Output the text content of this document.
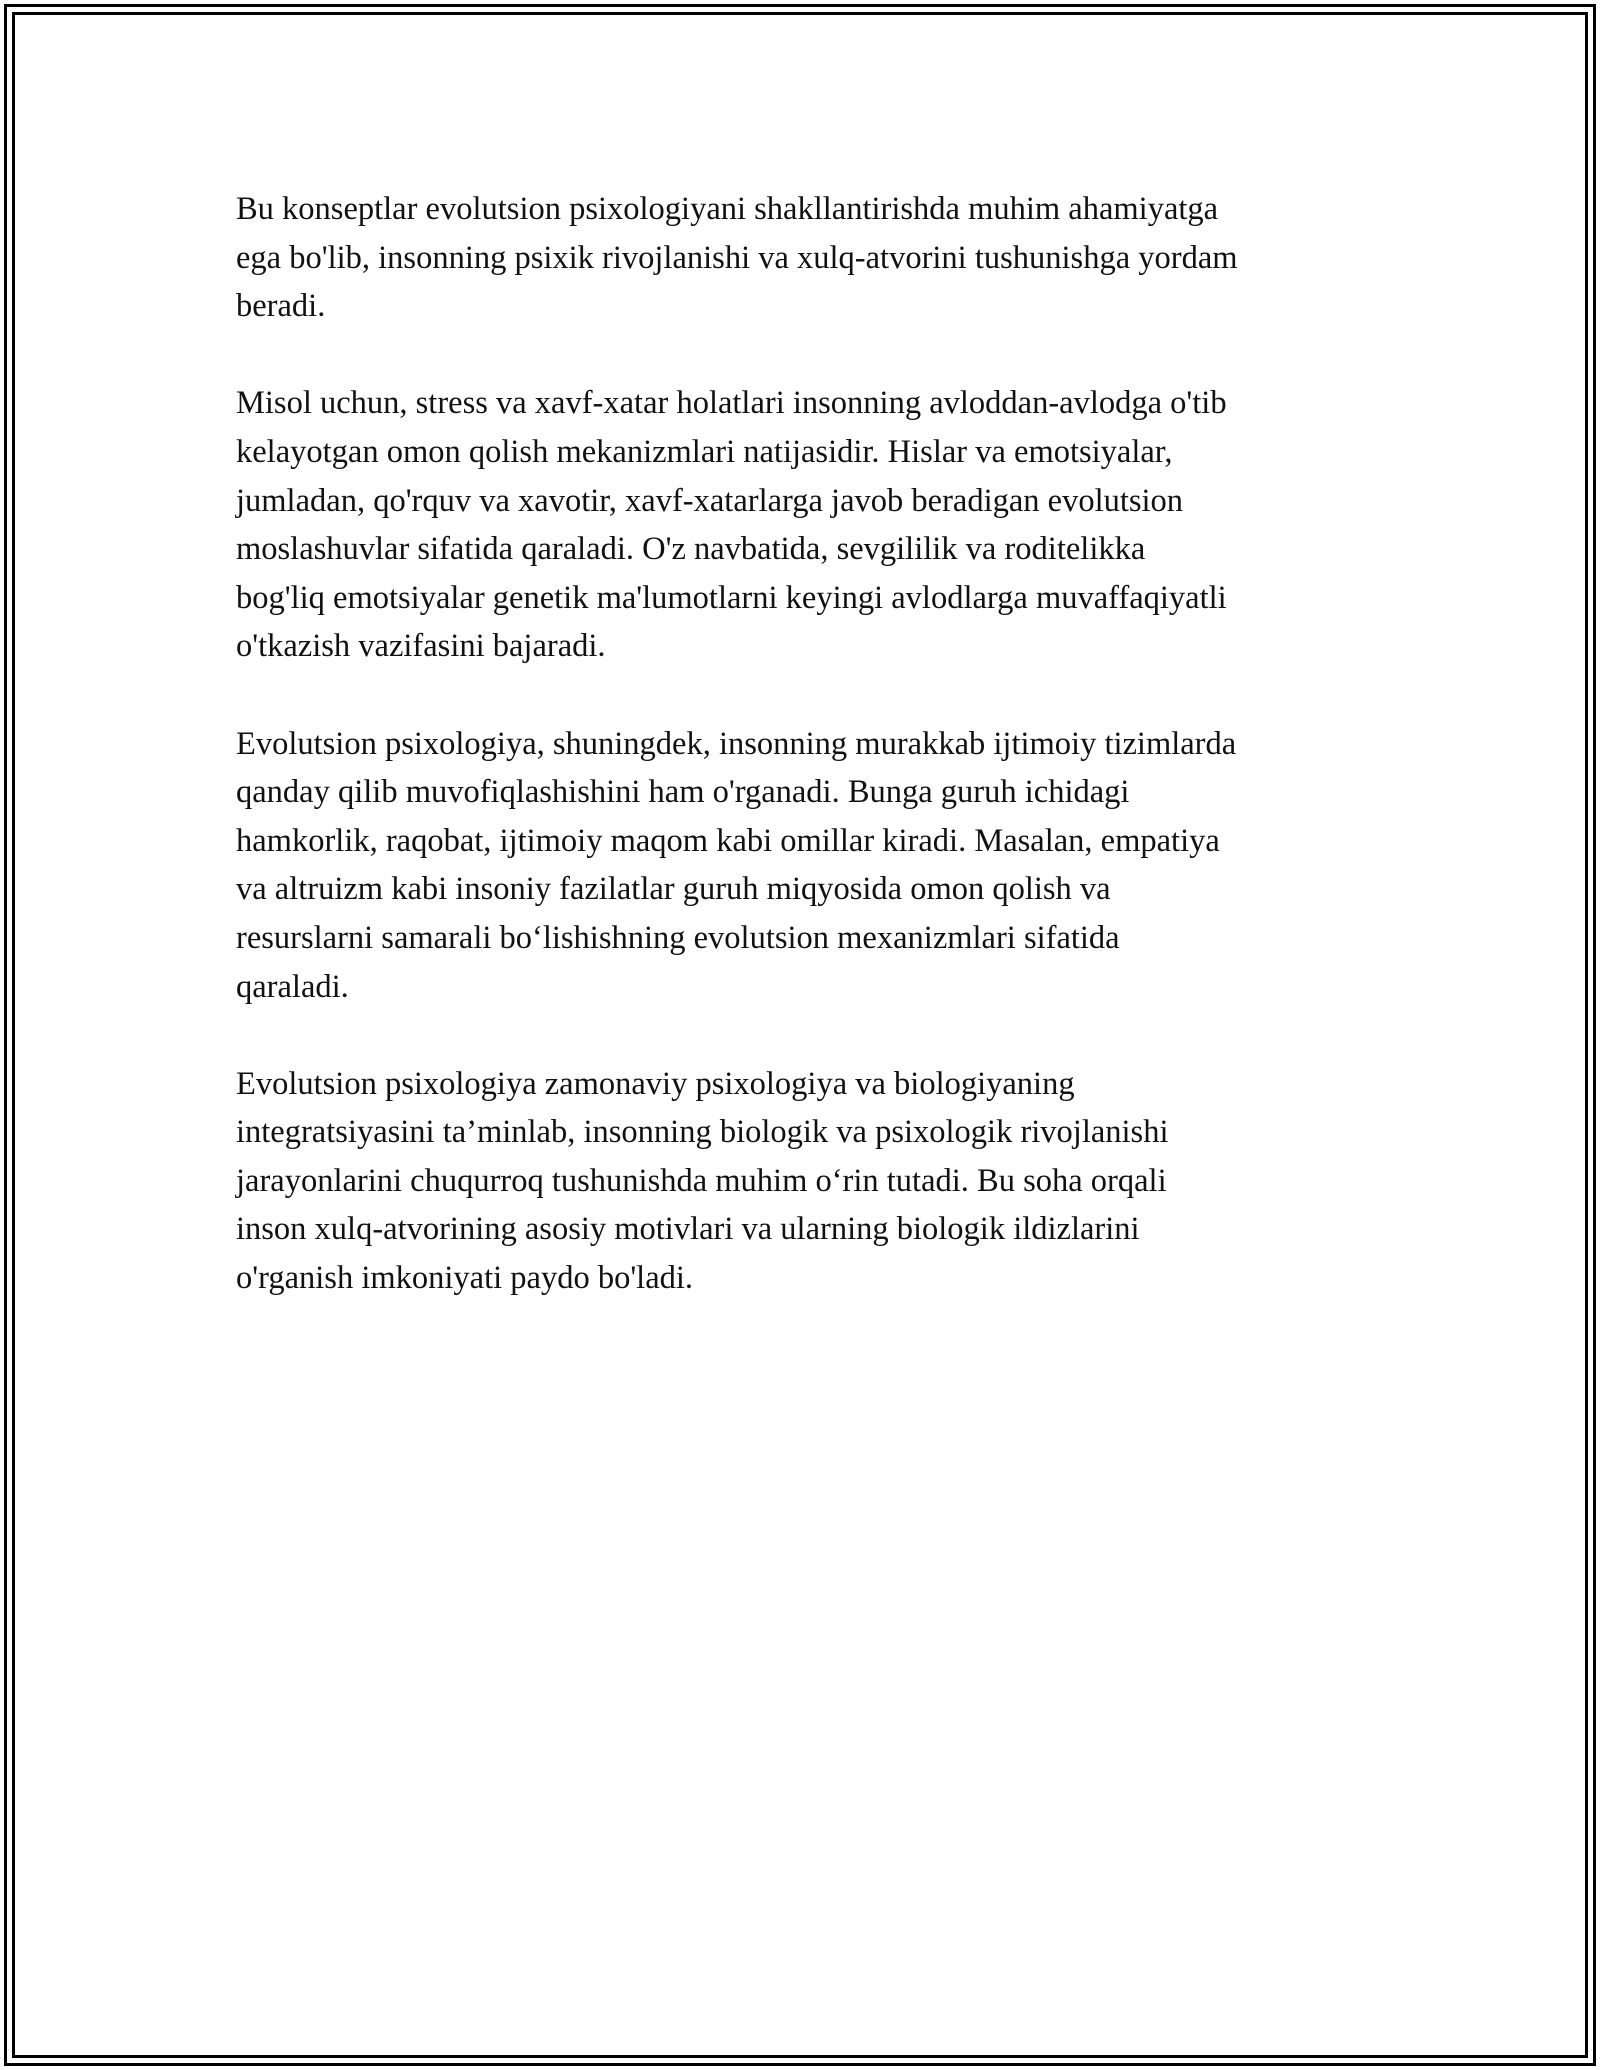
Bu konseptlar evolutsion psixologiyani shakllantirishda muhim ahamiyatga
ega bo'lib, insonning psixik rivojlanishi va xulq-atvorini tushunishga yordam
beradi.

Misol uchun, stress va xavf-xatar holatlari insonning avloddan-avlodga o'tib
kelayotgan omon qolish mekanizmlari natijasidir. Hislar va emotsiyalar,
jumladan, qo'rquv va xavotir, xavf-xatarlarga javob beradigan evolutsion
moslashuvlar sifatida qaraladi. O'z navbatida, sevgililik va roditelikka
bog'liq emotsiyalar genetik ma'lumotlarni keyingi avlodlarga muvaffaqiyatli
o'tkazish vazifasini bajaradi.

Evolutsion psixologiya, shuningdek, insonning murakkab ijtimoiy tizimlarda
qanday qilib muvofiqlashishini ham o'rganadi. Bunga guruh ichidagi
hamkorlik, raqobat, ijtimoiy maqom kabi omillar kiradi. Masalan, empatiya
va altruizm kabi insoniy fazilatlar guruh miqyosida omon qolish va
resurslarni samarali bo‘lishishning evolutsion mexanizmlari sifatida
qaraladi.

Evolutsion psixologiya zamonaviy psixologiya va biologiyaning
integratsiyasini ta’minlab, insonning biologik va psixologik rivojlanishi
jarayonlarini chuqurroq tushunishda muhim o‘rin tutadi. Bu soha orqali
inson xulq-atvorining asosiy motivlari va ularning biologik ildizlarini
o'rganish imkoniyati paydo bo'ladi.
